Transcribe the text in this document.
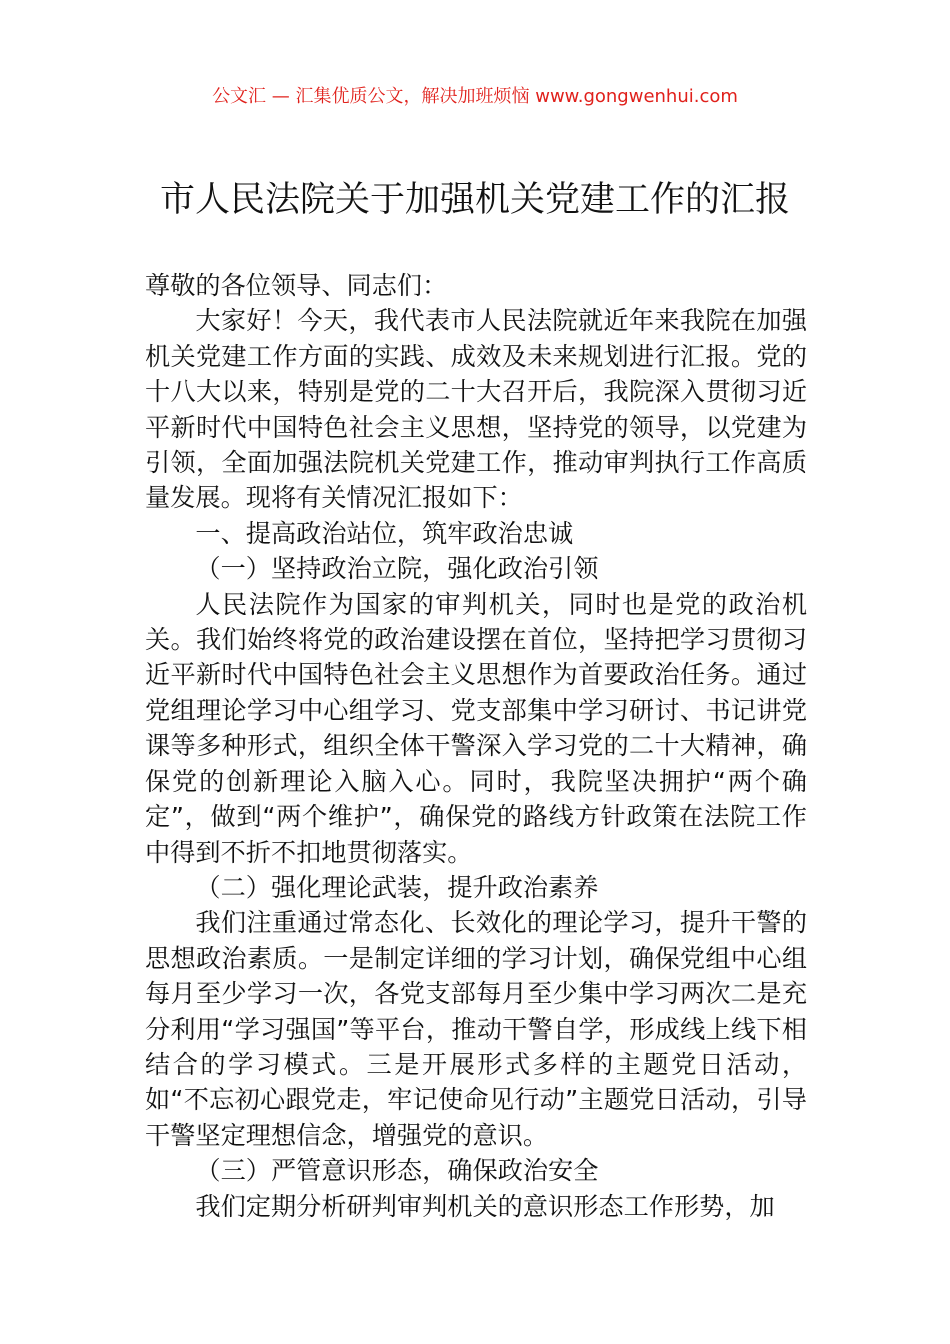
公文汇 — 汇集优质公文，解决加班烦恼 www.gongwenhui.com
市人民法院关于加强机关党建工作的汇报

尊敬的各位领导、同志们：

大家好！今天，我代表市人民法院就近年来我院在加强机关党建工作方面的实践、成效及未来规划进行汇报。党的十八大以来，特别是党的二十大召开后，我院深入贯彻习近平新时代中国特色社会主义思想，坚持党的领导，以党建为引领，全面加强法院机关党建工作，推动审判执行工作高质量发展。现将有关情况汇报如下：

一、提高政治站位，筑牢政治忠诚

（一）坚持政治立院，强化政治引领

人民法院作为国家的审判机关，同时也是党的政治机关。我们始终将党的政治建设摆在首位，坚持把学习贯彻习近平新时代中国特色社会主义思想作为首要政治任务。通过党组理论学习中心组学习、党支部集中学习研讨、书记讲党课等多种形式，组织全体干警深入学习党的二十大精神，确保党的创新理论入脑入心。同时，我院坚决拥护“两个确定”，做到“两个维护”，确保党的路线方针政策在法院工作中得到不折不扣地贯彻落实。

（二）强化理论武装，提升政治素养

我们注重通过常态化、长效化的理论学习，提升干警的思想政治素质。一是制定详细的学习计划，确保党组中心组每月至少学习一次，各党支部每月至少集中学习两次二是充分利用“学习强国”等平台，推动干警自学，形成线上线下相结合的学习模式。三是开展形式多样的主题党日活动，如“不忘初心跟党走，牢记使命见行动”主题党日活动，引导干警坚定理想信念，增强党的意识。

（三）严管意识形态，确保政治安全

我们定期分析研判审判机关的意识形态工作形势，加
